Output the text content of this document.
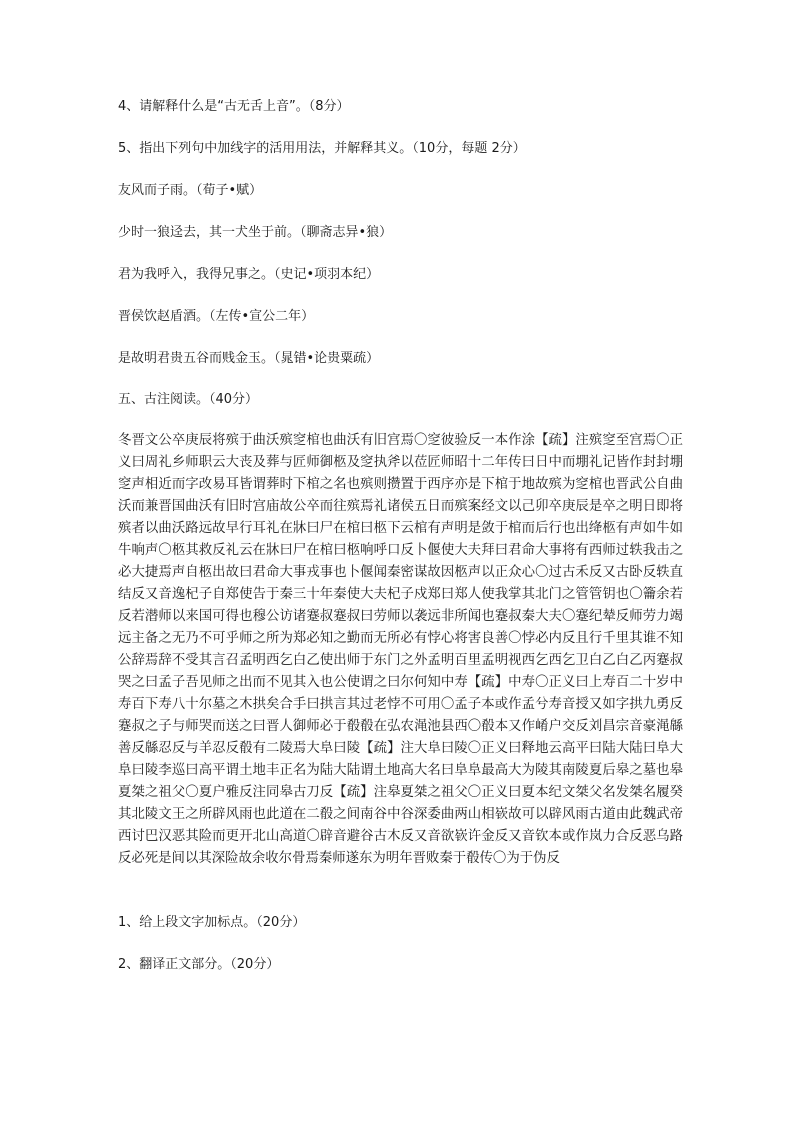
4、请解释什么是“古无舌上音”。（8分）
5、指出下列句中加线字的活用用法，并解释其义。（10分，每题 2分）
友风而子雨。（荀子•赋）
少时一狼迳去，其一犬坐于前。（聊斋志异•狼）
君为我呼入，我得兄事之。（史记•项羽本纪）
晋侯饮赵盾酒。（左传•宣公二年）
是故明君贵五谷而贱金玉。（晁错•论贵粟疏）
五、古注阅读。（40分）
冬晋文公卒庚辰将殡于曲沃殡窆棺也曲沃有旧宫焉〇窆彼验反一本作涂【疏】注殡窆至宫焉〇正义曰周礼乡师职云大丧及葬与匠师御柩及窆执斧以莅匠师昭十二年传曰日中而堋礼记皆作封封堋窆声相近而字改易耳皆谓葬时下棺之名也殡则攒置于西序亦是下棺于地故殡为窆棺也晋武公自曲沃而兼晋国曲沃有旧时宫庙故公卒而往殡焉礼诸侯五日而殡案经文以己卯卒庚辰是卒之明日即将殡者以曲沃路远故早行耳礼在牀曰尸在棺曰柩下云棺有声明是敛于棺而后行也出绛柩有声如牛如牛响声〇柩其救反礼云在牀曰尸在棺曰柩响呼口反卜偃使大夫拜曰君命大事将有西师过轶我击之必大捷焉声自柩出故曰君命大事戎事也卜偃闻秦密谋故因柩声以正众心〇过古禾反又古卧反轶直结反又音逸杞子自郑使告于秦三十年秦使大夫杞子戍郑曰郑人使我掌其北门之管管钥也〇籥余若反若潜师以来国可得也穆公访诸蹇叔蹇叔曰劳师以袭远非所闻也蹇叔秦大夫〇蹇纪辇反师劳力竭远主备之无乃不可乎师之所为郑必知之勤而无所必有悖心将害良善〇悖必内反且行千里其谁不知公辞焉辞不受其言召孟明西乞白乙使出师于东门之外孟明百里孟明视西乞西乞卫白乙白乙丙蹇叔哭之曰孟子吾见师之出而不见其入也公使谓之曰尔何知中寿【疏】中寿〇正义曰上寿百二十岁中寿百下寿八十尔墓之木拱矣合手曰拱言其过老悖不可用〇孟子本或作孟兮寿音授又如字拱九勇反蹇叔之子与师哭而送之曰晋人御师必于殽殽在弘农渑池县西〇殽本又作崤户交反刘昌宗音豪渑緜善反緜忍反与羊忍反殽有二陵焉大阜曰陵【疏】注大阜曰陵〇正义曰释地云高平曰陆大陆曰阜大阜曰陵李巡曰高平谓土地丰正名为陆大陆谓土地高大名曰阜阜最高大为陵其南陵夏后皋之墓也皋夏桀之祖父〇夏户雅反注同皋古刀反【疏】注皋夏桀之祖父〇正义曰夏本纪文桀父名发桀名履癸其北陵文王之所辟风雨也此道在二殽之间南谷中谷深委曲两山相嵚故可以辟风雨古道由此魏武帝西讨巴汉恶其险而更开北山高道〇辟音避谷古木反又音欲嵚许金反又音钦本或作岚力合反恶乌路反必死是间以其深险故余收尔骨焉秦师遂东为明年晋败秦于殽传〇为于伪反
1、给上段文字加标点。（20分）
2、翻译正文部分。（20分）
